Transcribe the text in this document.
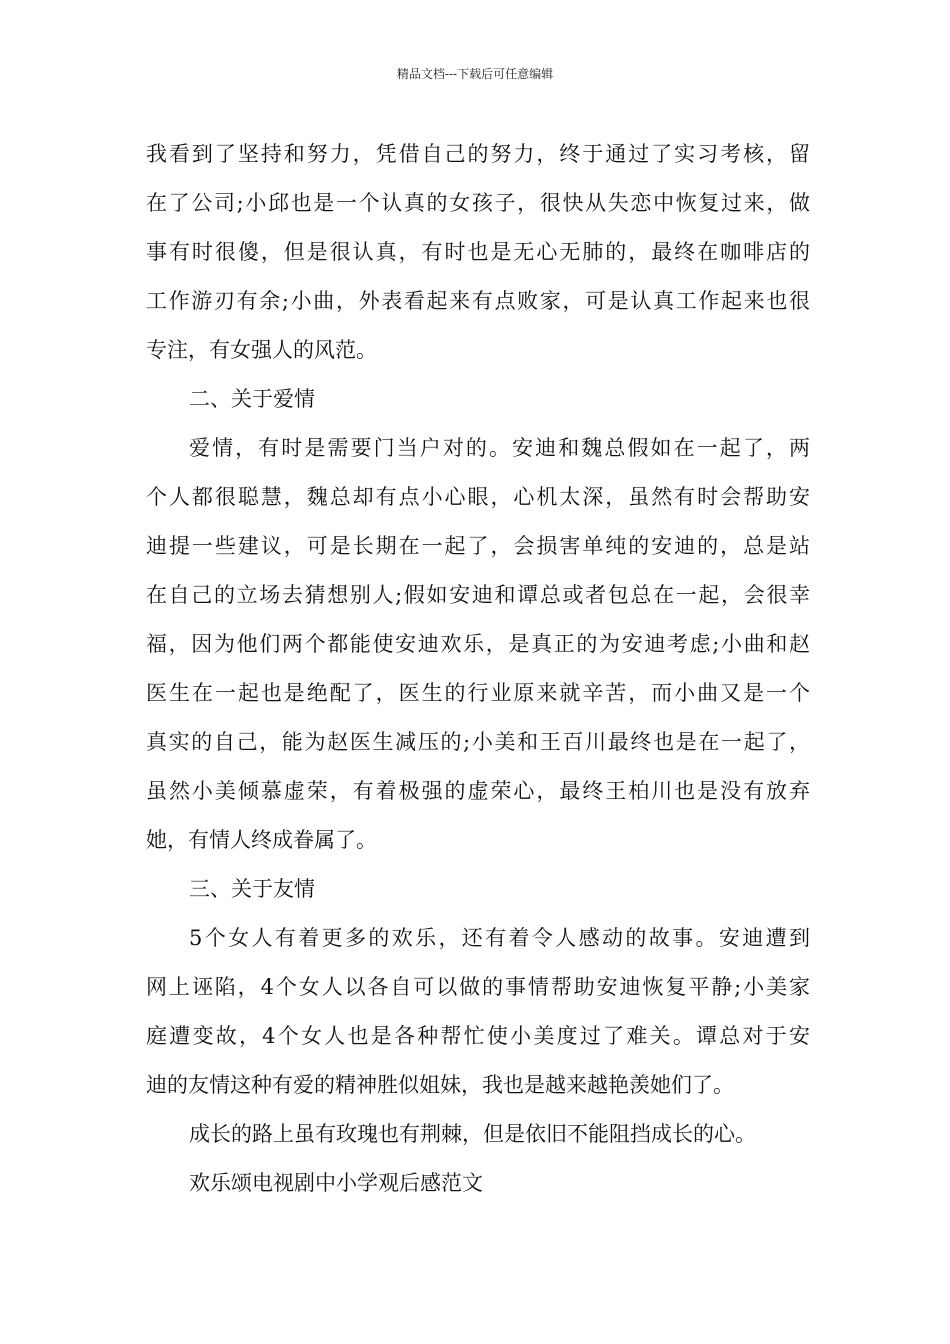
精品文档---下载后可任意编辑
我看到了坚持和努力，凭借自己的努力，终于通过了实习考核，留
在了公司;小邱也是一个认真的女孩子，很快从失恋中恢复过来，做
事有时很傻，但是很认真，有时也是无心无肺的，最终在咖啡店的
工作游刃有余;小曲，外表看起来有点败家，可是认真工作起来也很
专注，有女强人的风范。
二、关于爱情
爱情，有时是需要门当户对的。安迪和魏总假如在一起了，两
个人都很聪慧，魏总却有点小心眼，心机太深，虽然有时会帮助安
迪提一些建议，可是长期在一起了，会损害单纯的安迪的，总是站
在自己的立场去猜想别人;假如安迪和谭总或者包总在一起，会很幸
福，因为他们两个都能使安迪欢乐，是真正的为安迪考虑;小曲和赵
医生在一起也是绝配了，医生的行业原来就辛苦，而小曲又是一个
真实的自己，能为赵医生减压的;小美和王百川最终也是在一起了，
虽然小美倾慕虚荣，有着极强的虚荣心，最终王柏川也是没有放弃
她，有情人终成眷属了。
三、关于友情
5个女人有着更多的欢乐，还有着令人感动的故事。安迪遭到
网上诬陷，4个女人以各自可以做的事情帮助安迪恢复平静;小美家
庭遭变故，4个女人也是各种帮忙使小美度过了难关。谭总对于安
迪的友情这种有爱的精神胜似姐妹，我也是越来越艳羡她们了。
成长的路上虽有玫瑰也有荆棘，但是依旧不能阻挡成长的心。
欢乐颂电视剧中小学观后感范文
